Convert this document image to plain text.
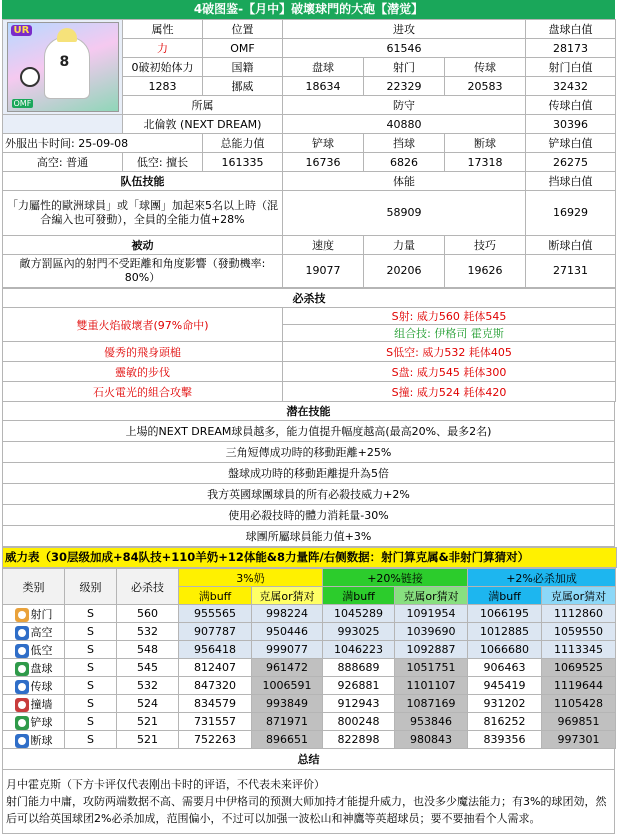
4破图鉴-【月中】破壞球門的大砲【潜觉】
UR
8
OMF	属性	位置	进攻			盘球白值
	力	OMF	61546			28173
	0破初始体力	国籍	盘球	射门	传球	射门白值
	1283	挪威	18634	22329	20583	32432
	所属		防守			传球白值
	北倫敦 (NEXT DREAM)		40880			30396
外服出卡时间: 25-09-08		总能力值	铲球	挡球	断球	铲球白值
高空: 普通	低空: 擅长	161335	16736	6826	17318	26275
队伍技能			体能			挡球白值
「力屬性的歐洲球員」或「球團」加起來5名以上時（混合編入也可發動），全員的全能力值+28%			58909			16929
被动			速度	力量	技巧	断球白值
敵方罰區內的射門不受距離和角度影響（發動機率: 80%）			19077	20206	19626	27131
必杀技	
雙重火焰破壞者(97%命中)	S射: 威力560 耗体545
	组合技: 伊格司 霍克斯
優秀的飛身頭槌	S低空: 威力532 耗体405
靈敏的步伐	S盘: 威力545 耗体300
石火電光的組合攻擊	S撞: 威力524 耗体420
潜在技能
上場的NEXT DREAM球員越多，能力值提升幅度越高(最高20%、最多2名)
三角短傳成功時的移動距離+25%
盤球成功時的移動距離提升為5倍
我方英國球團球員的所有必殺技威力+2%
使用必殺技時的體力消耗量-30%
球團所屬球員能力值+3%
威力表（30层级加成+84队技+110羊奶+12体能&8力量阵/右侧数据：射门算克属&非射门算猜对）
类别	级别	必杀技	3%奶		+20%链接		+2%必杀加成	
			满buff	克属or猜对	满buff	克属or猜对	满buff	克属or猜对
射门	S	560	955565	998224	1045289	1091954	1066195	1112860
高空	S	532	907787	950446	993025	1039690	1012885	1059550
低空	S	548	956418	999077	1046223	1092887	1066680	1113345
盘球	S	545	812407	961472	888689	1051751	906463	1069525
传球	S	532	847320	1006591	926881	1101107	945419	1119644
撞墙	S	524	834579	993849	912943	1087169	931202	1105428
铲球	S	521	731557	871971	800248	953846	816252	969851
断球	S	521	752263	896651	822898	980843	839356	997301
总结

月中霍克斯（下方卡评仅代表刚出卡时的评语，不代表未来评价）
射门能力中庸，攻防两端数据不高、需要月中伊格司的预测大师加持才能提升威力，也没多少魔法能力；有3%的球团効，然后可以给英国球团2%必杀加成，范围偏小，不过可以加强一波松山和神鷹等英超球员；要不要抽看个人需求。
